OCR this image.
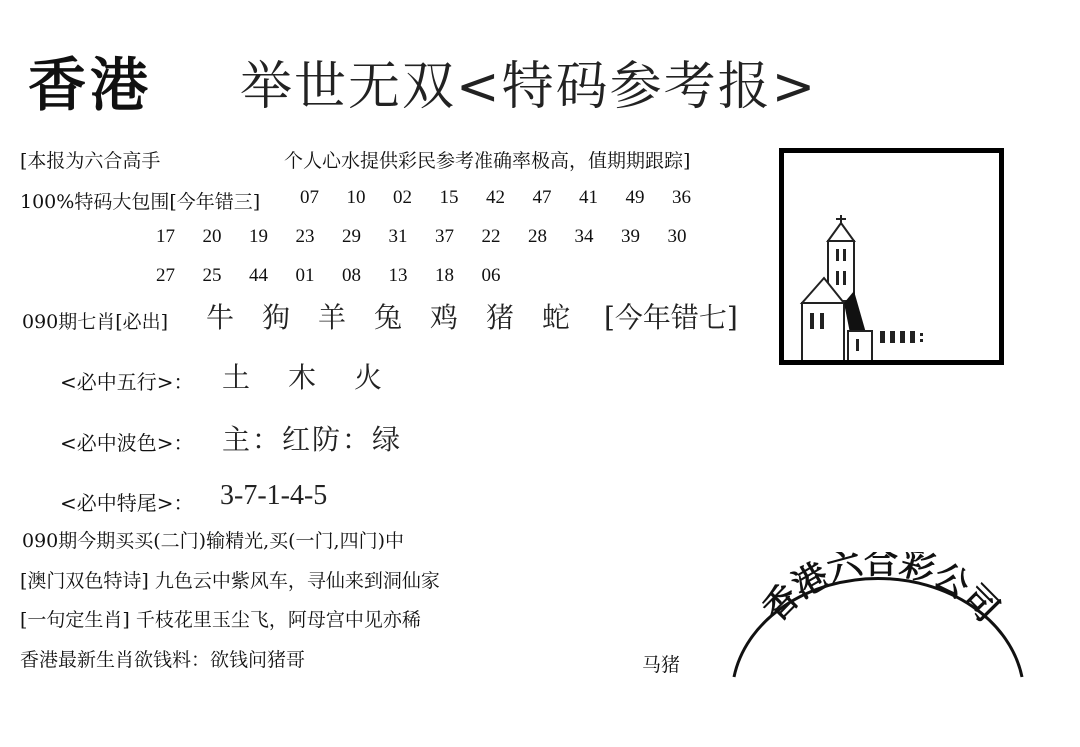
香港 举世无双<特码参考报>
[本报为六合高手	个人心水提供彩民参考准确率极高，值期期跟踪]
100%特码大包围[今年错三] 07 10 02 15 42 47 41 49 36
17 20 19 23 29 31 37 22 28 34 39 30
27 25 44 01 08 13 18 06
090期七肖[必出] 牛 狗 羊 兔 鸡 猪 蛇	[今年错七]
<必中五行>： 土 木 火
<必中波色>： 主：红防：绿
<必中特尾>： 3-7-1-4-5
090期今期买买(二门)输精光,买(一门,四门)中
[澳门双色特诗] 九色云中紫风车，寻仙来到洞仙家
[一句定生肖] 千枝花里玉尘飞，阿母宫中见亦稀
香港最新生肖欲钱料：欲钱问猪哥	马猪
香港六合彩公司
